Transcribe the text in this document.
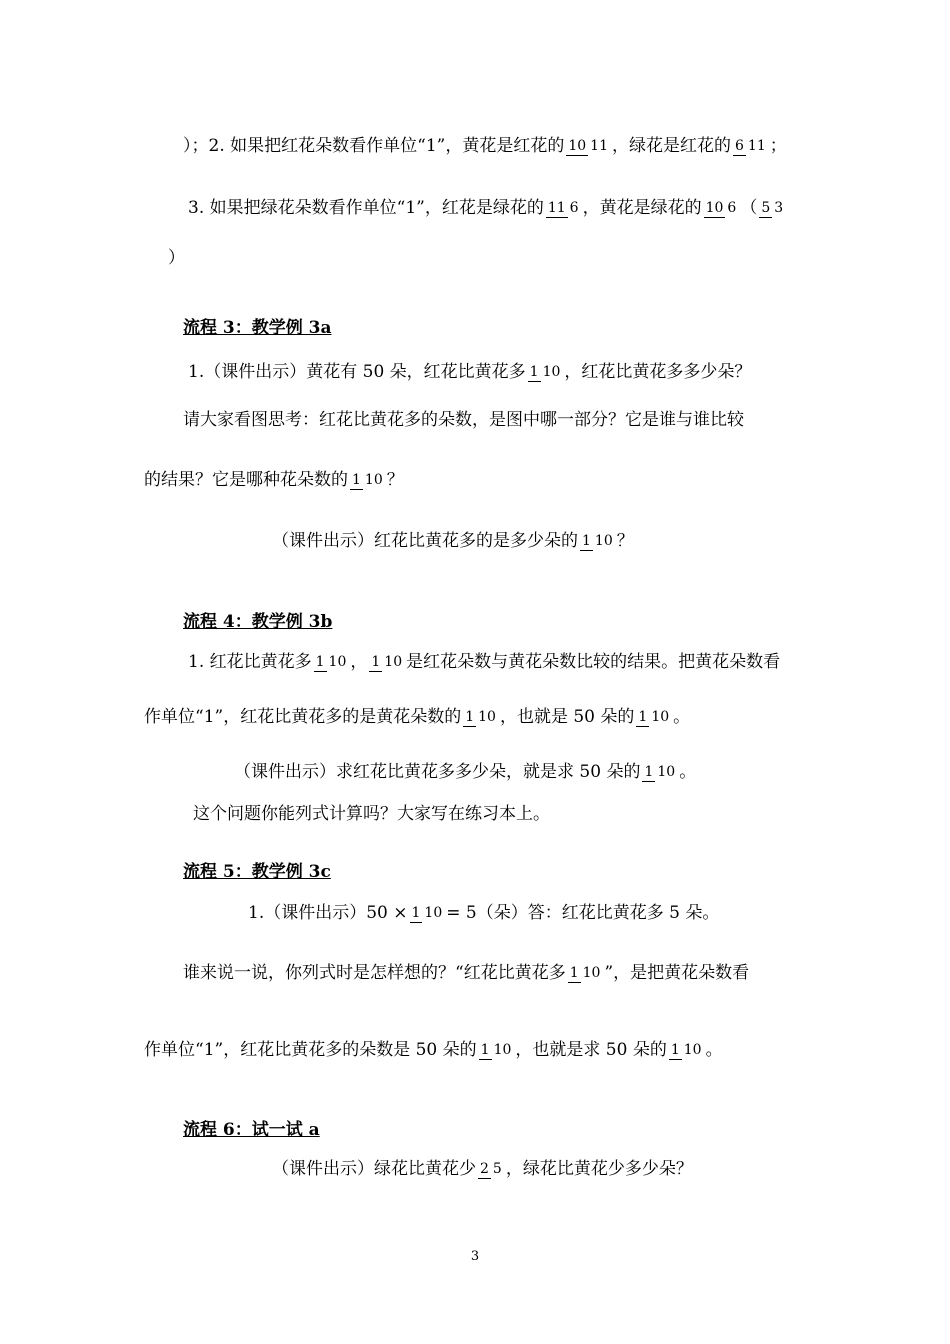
）；2. 如果把红花朵数看作单位“1”，黄花是红花的 10 11 ，绿花是红花的 6 11 ；
3. 如果把绿花朵数看作单位“1”，红花是绿花的 11 6 ，黄花是绿花的 10 6 （ 5 3
）
流程 3：教学例 3a
1.（课件出示）黄花有 50 朵，红花比黄花多 1 10 ，红花比黄花多多少朵？
请大家看图思考：红花比黄花多的朵数，是图中哪一部分？它是谁与谁比较
的结果？它是哪种花朵数的 1 10 ？
（课件出示）红花比黄花多的是多少朵的 1 10 ？
流程 4：教学例 3b
1. 红花比黄花多 1 10 ， 1 10 是红花朵数与黄花朵数比较的结果。把黄花朵数看
作单位“1”，红花比黄花多的是黄花朵数的 1 10 ，也就是 50 朵的 1 10 。
（课件出示）求红花比黄花多多少朵，就是求 50 朵的 1 10 。
这个问题你能列式计算吗？大家写在练习本上。
流程 5：教学例 3c
1.（课件出示）50 × 1 10 = 5（朵）答：红花比黄花多 5 朵。
谁来说一说，你列式时是怎样想的？“红花比黄花多 1 10 ”，是把黄花朵数看
作单位“1”，红花比黄花多的朵数是 50 朵的 1 10 ，也就是求 50 朵的 1 10 。
流程 6：试一试 a
（课件出示）绿花比黄花少 2 5 ，绿花比黄花少多少朵？
3
